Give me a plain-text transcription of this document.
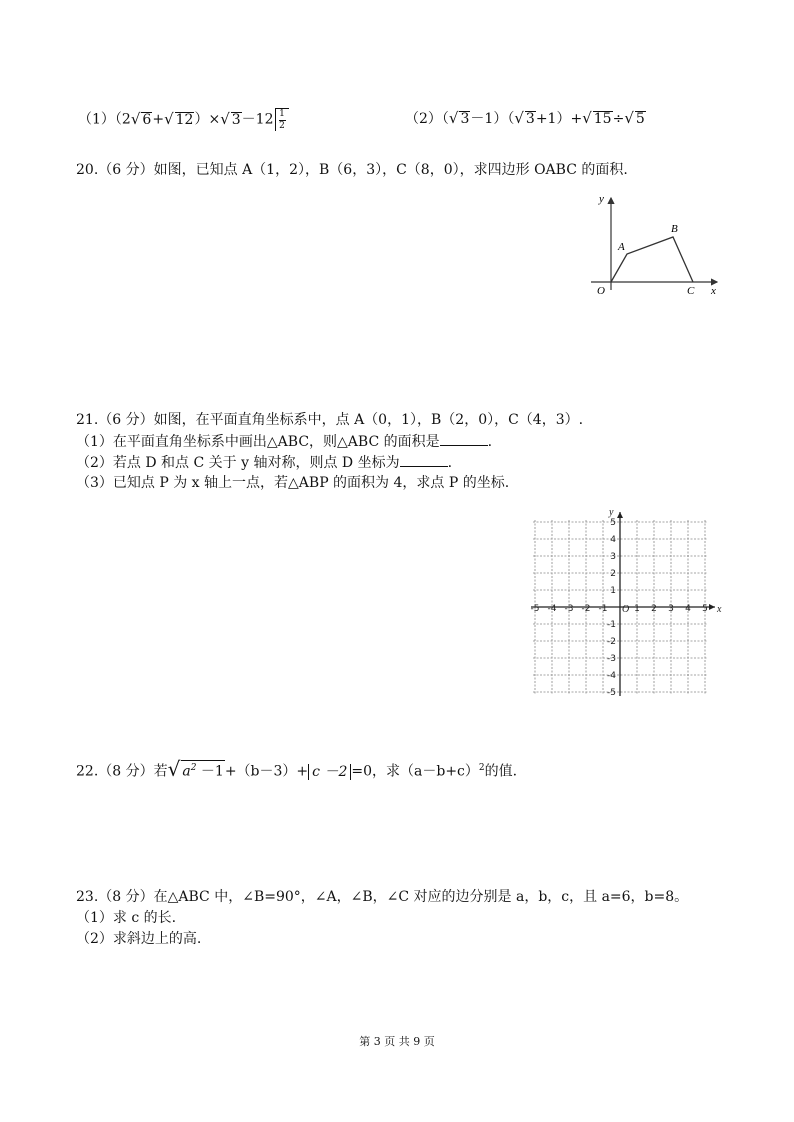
（1）（2√ 6+√ 12）×√ $3-12 \frac{1}{2}$	（2）（√ 3－1）（√ 3+1）+√ 15÷√ 5
20.（6 分）如图，已知点 A（1，2），B（6，3），C（8，0），求四边形 OABC 的面积.
y
x
O
A
B
C
21.（6 分）如图，在平面直角坐标系中，点 A（0，1），B（2，0），C（4，3）.
（1）在平面直角坐标系中画出△ABC，则△ABC 的面积是	.
（2）若点 D 和点 C 关于 y 轴对称，则点 D 坐标为	.
（3）已知点 P 为 x 轴上一点，若△ABP 的面积为 4，求点 P 的坐标.
-5 -4 -3 -2 -1	1 2 3 4 5
5
4
3
2
1
-1
-2
-3
-4
-5
O	x
y
22.（8 分）若√ $a^2 -1+(b-3)+ c -2 =0$，求$(a-b+c)^2$的值.
23.（8 分）在△ABC 中，∠B=90°，∠A，∠B，∠C 对应的边分别是 a，b，c，且 a=6，b=8。
（1）求 c 的长.
（2）求斜边上的高.
第 3 页 共 9 页
